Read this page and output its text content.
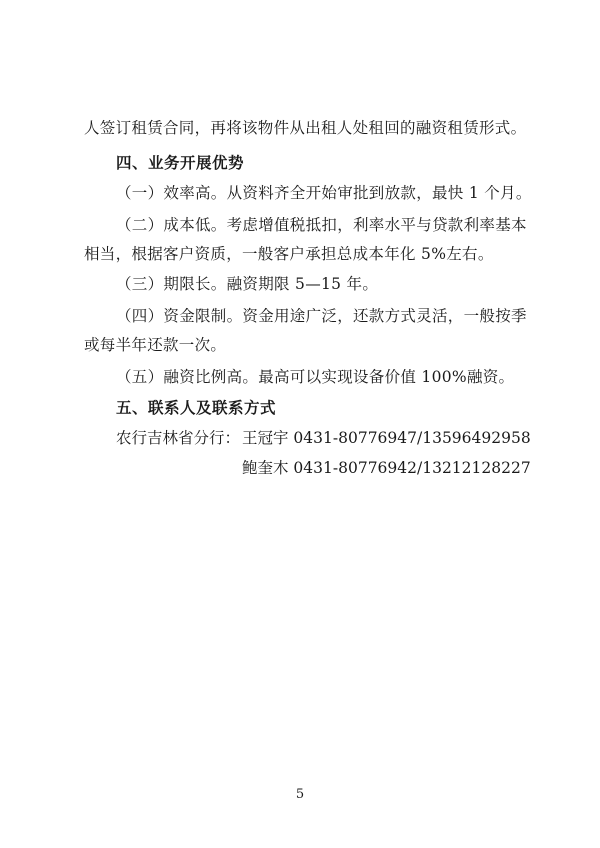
人签订租赁合同，再将该物件从出租人处租回的融资租赁形式。
四、业务开展优势
（一）效率高。从资料齐全开始审批到放款，最快 1 个月。
（二）成本低。考虑增值税抵扣，利率水平与贷款利率基本
相当，根据客户资质，一般客户承担总成本年化 5%左右。
（三）期限长。融资期限 5—15 年。
（四）资金限制。资金用途广泛，还款方式灵活，一般按季
或每半年还款一次。
（五）融资比例高。最高可以实现设备价值 100%融资。
五、联系人及联系方式
农行吉林省分行： 王冠宇 0431-80776947/13596492958
鲍奎木 0431-80776942/13212128227
5
